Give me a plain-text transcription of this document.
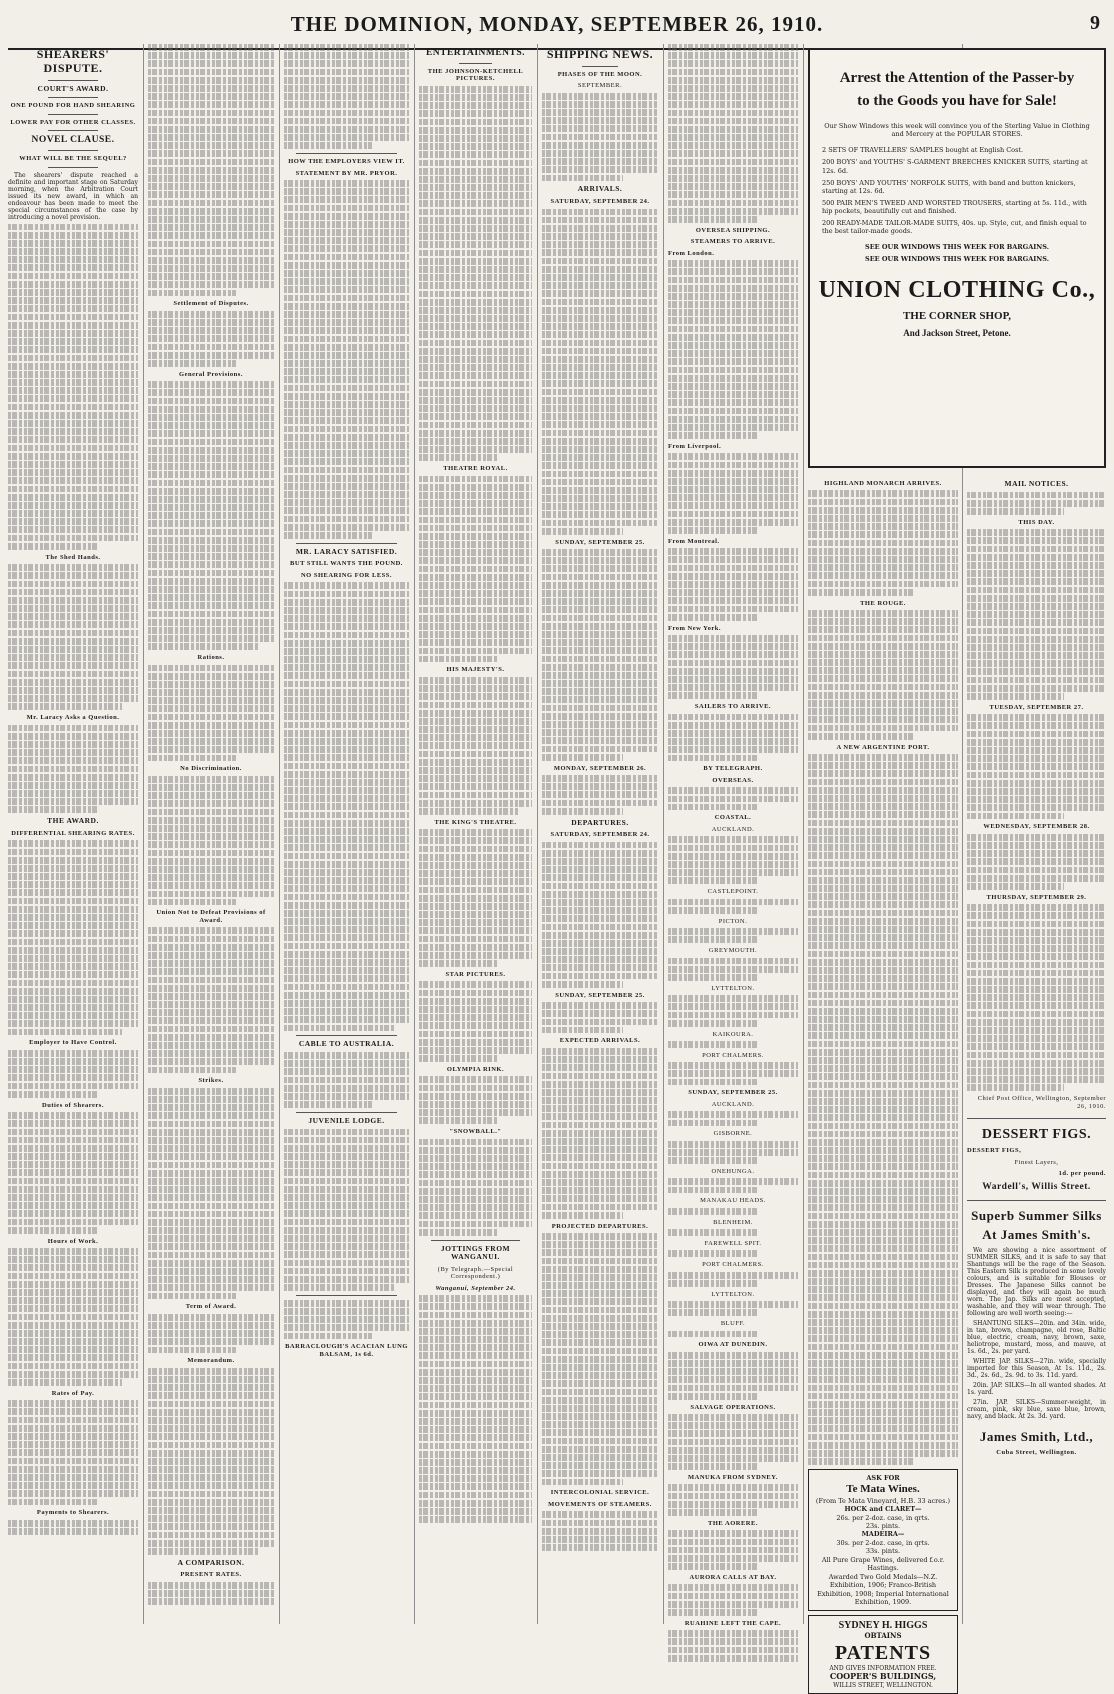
THE DOMINION, MONDAY, SEPTEMBER 26, 1910.	9
SHEARERS' DISPUTE.
COURT'S AWARD.
ONE POUND FOR HAND SHEARING
LOWER PAY FOR OTHER CLASSES.
NOVEL CLAUSE.
WHAT WILL BE THE SEQUEL?

The shearers' dispute reached a definite and important stage on Saturday morning, when the Arbitration Court issued its new award, in which an endeavour has been made to meet the special circumstances of the case by introducing a novel provision.

The Shed Hands.
Mr. Laracy Asks a Question.
THE AWARD.
DIFFERENTIAL SHEARING RATES.
Employer to Have Control.
Duties of Shearers.
Hours of Work.
Rates of Pay.
Payments to Shearers.
Settlement of Disputes.
General Provisions.
Rations.
No Discrimination.
Union Not to Defeat Provisions of Award.
Strikes.
Term of Award.
Memorandum.
A COMPARISON.
PRESENT RATES.
HOW THE EMPLOYERS VIEW IT.
STATEMENT BY MR. PRYOR.
MR. LARACY SATISFIED.
BUT STILL WANTS THE POUND.
NO SHEARING FOR LESS.
CABLE TO AUSTRALIA.
JUVENILE LODGE.
BARRACLOUGH'S ACACIAN LUNG BALSAM, 1s 6d.
ENTERTAINMENTS.
THE JOHNSON-KETCHELL PICTURES.
THEATRE ROYAL.
HIS MAJESTY'S.
THE KING'S THEATRE.
STAR PICTURES.
OLYMPIA RINK.
"SNOWBALL."
JOTTINGS FROM WANGANUI.
(By Telegraph.—Special Correspondent.)
Wanganui, September 24.
SHIPPING NEWS.
PHASES OF THE MOON.
SEPTEMBER.
ARRIVALS.
SATURDAY, SEPTEMBER 24.
SUNDAY, SEPTEMBER 25.
MONDAY, SEPTEMBER 26.
DEPARTURES.
SATURDAY, SEPTEMBER 24.
SUNDAY, SEPTEMBER 25.
EXPECTED ARRIVALS.
PROJECTED DEPARTURES.
INTERCOLONIAL SERVICE.
MOVEMENTS OF STEAMERS.
OVERSEA SHIPPING.
STEAMERS TO ARRIVE.
From London.
From Liverpool.
From Montreal.
From New York.
SAILERS TO ARRIVE.
BY TELEGRAPH.
OVERSEAS.
COASTAL.
AUCKLAND.
CASTLEPOINT.
PICTON.
GREYMOUTH.
LYTTELTON.
KAIKOURA.
PORT CHALMERS.
SUNDAY, SEPTEMBER 25.
AUCKLAND.
GISBORNE.
ONEHUNGA.
MANAKAU HEADS.
BLENHEIM.
FAREWELL SPIT.
PORT CHALMERS.
LYTTELTON.
BLUFF.
OIWA AT DUNEDIN.
SALVAGE OPERATIONS.
MANUKA FROM SYDNEY.
THE AORERE.
AURORA CALLS AT BAY.
RUAHINE LEFT THE CAPE.
Arrest the Attention of the Passer-by
to the Goods you have for Sale!
Our Show Windows this week will convince you of the Sterling Value in Clothing and Mercery at the POPULAR STORES.
2 SETS OF TRAVELLERS' SAMPLES bought at English Cost.
200 BOYS' and YOUTHS' S-GARMENT BREECHES KNICKER SUITS, starting at 12s. 6d.
250 BOYS' AND YOUTHS' NORFOLK SUITS, with band and button knickers, starting at 12s. 6d.
500 PAIR MEN'S TWEED AND WORSTED TROUSERS, starting at 5s. 11d., with hip pockets, beautifully cut and finished.
200 READY-MADE TAILOR-MADE SUITS, 40s. up. Style, cut, and finish equal to the best tailor-made goods.
SEE OUR WINDOWS THIS WEEK FOR BARGAINS.
SEE OUR WINDOWS THIS WEEK FOR BARGAINS.
UNION CLOTHING Co.,
THE CORNER SHOP,
And Jackson Street, Petone.
HIGHLAND MONARCH ARRIVES.
THE ROUGE.
A NEW ARGENTINE PORT.
ASK FOR
Te Mata Wines.
(From Te Mata Vineyard, H.B. 33 acres.)
HOCK and CLARET—
26s. per 2-doz. case, in qrts.
23s. pints.
MADEIRA—
30s. per 2-doz. case, in qrts.
33s. pints.
All Pure Grape Wines, delivered f.o.r. Hastings.
Awarded Two Gold Medals—N.Z. Exhibition, 1906; Franco-British Exhibition, 1908; Imperial International Exhibition, 1909.
SYDNEY H. HIGGS
OBTAINS
PATENTS
AND GIVES INFORMATION FREE.
COOPER'S BUILDINGS,
WILLIS STREET, WELLINGTON.
MAIL NOTICES.
THIS DAY.
TUESDAY, SEPTEMBER 27.
WEDNESDAY, SEPTEMBER 28.
THURSDAY, SEPTEMBER 29.
Chief Post Office, Wellington, September 26, 1910.
DESSERT FIGS.
DESSERT FIGS,
Finest Layers,
1d. per pound.
Wardell's, Willis Street.
Superb Summer Silks
At James Smith's.

We are showing a nice assortment of SUMMER SILKS, and it is safe to say that Shantungs will be the rage of the Season. This Eastern Silk is produced in some lovely colours, and is suitable for Blouses or Dresses. The Japanese Silks cannot be displayed, and they will again be much worn. The Jap. Silks are most accepted, washable, and they will wear through. The following are well worth seeing:—

SHANTUNG SILKS—20in. and 34in. wide, in tan, brown, champagne, old rose, Baltic blue, electric, cream, navy, brown, saxe, heliotrope, mustard, moss, and mauve, at 1s. 6d., 2s. per yard.

WHITE JAP. SILKS—27in. wide, specially imported for this Season, At 1s. 11d., 2s. 3d., 2s. 6d., 2s. 9d. to 3s. 11d. yard.

20in. JAP. SILKS—In all wanted shades. At 1s. yard.

27in. JAP. SILKS—Summer-weight, in cream, pink, sky blue, saxe blue, brown, navy, and black. At 2s. 3d. yard.

James Smith, Ltd.,
Cuba Street, Wellington.
